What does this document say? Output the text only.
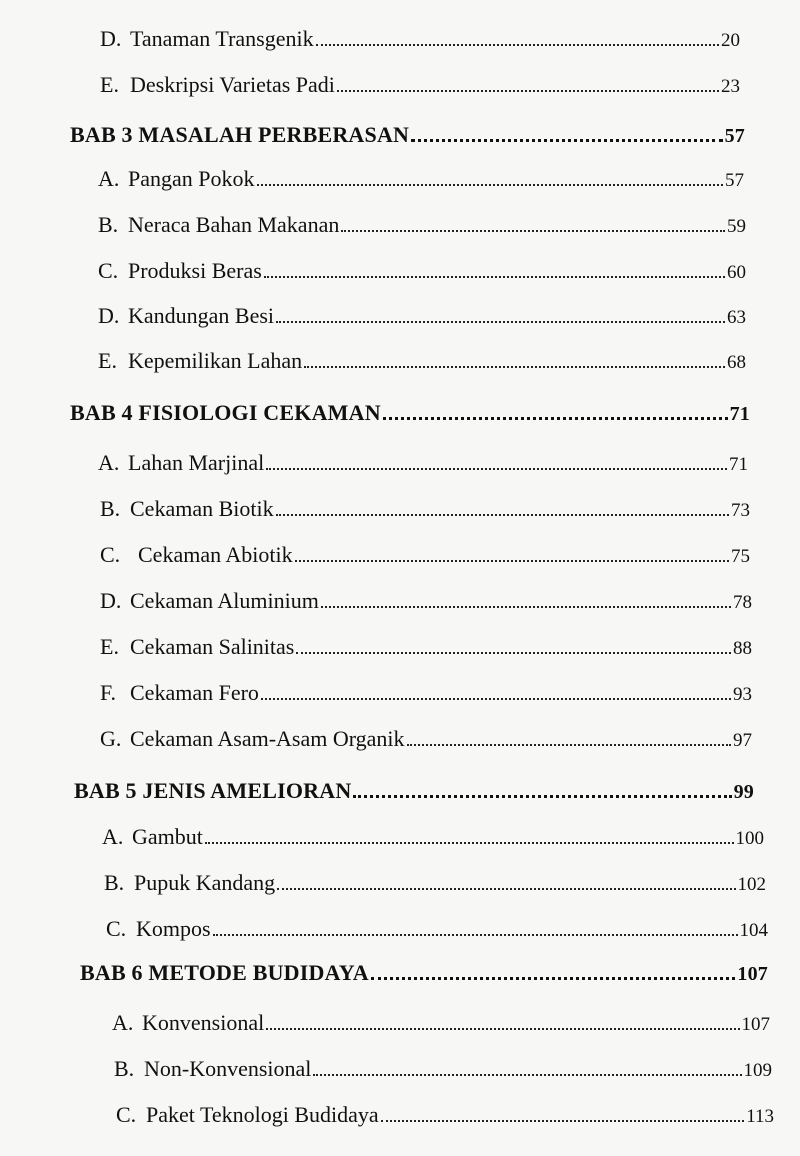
D. Tanaman Transgenik	20
E. Deskripsi Varietas Padi	23
BAB 3 MASALAH PERBERASAN	57
A. Pangan Pokok	57
B. Neraca Bahan Makanan	59
C. Produksi Beras	60
D. Kandungan Besi	63
E. Kepemilikan Lahan	68
BAB 4 FISIOLOGI CEKAMAN	71
A. Lahan Marjinal	71
B. Cekaman Biotik	73
C. Cekaman Abiotik	75
D. Cekaman Aluminium	78
E. Cekaman Salinitas	88
F. Cekaman Fero	93
G. Cekaman Asam-Asam Organik	97
BAB 5 JENIS AMELIORAN	99
A. Gambut	100
B. Pupuk Kandang	102
C. Kompos	104
BAB 6 METODE BUDIDAYA	107
A. Konvensional	107
B. Non-Konvensional	109
C. Paket Teknologi Budidaya	113
